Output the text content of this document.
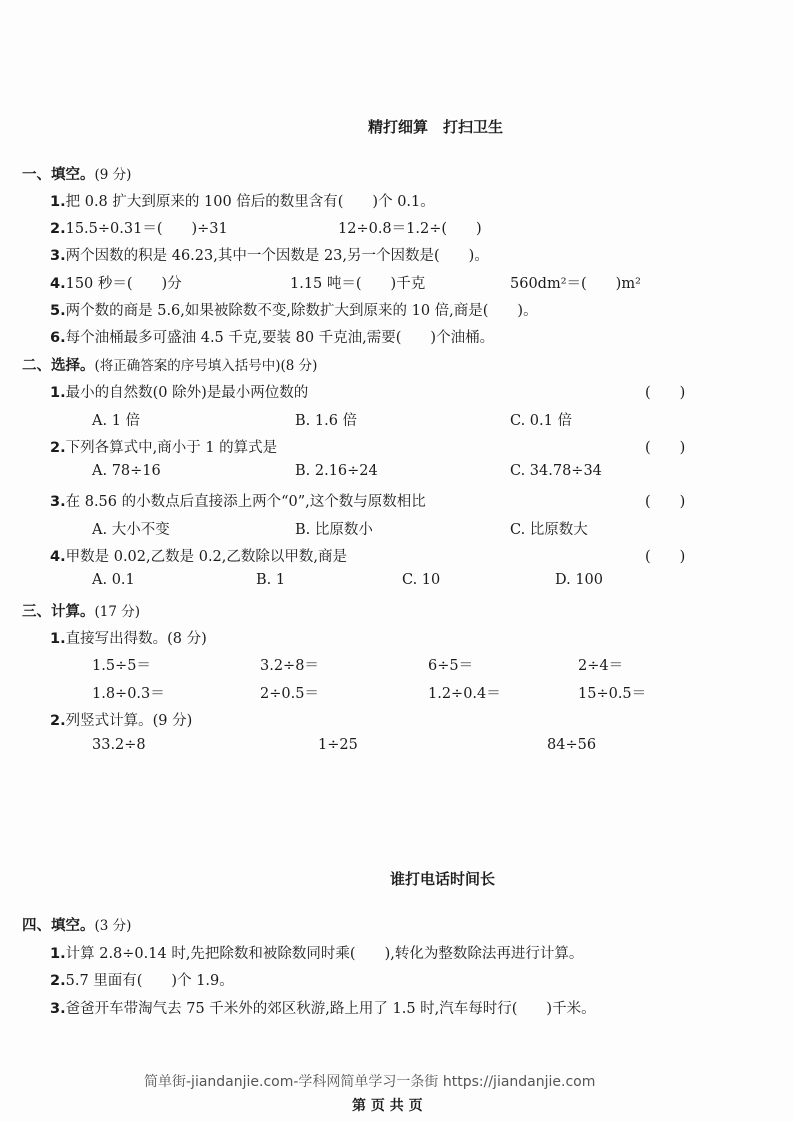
精打细算　打扫卫生
一、填空。(9 分)
1.把 0.8 扩大到原来的 100 倍后的数里含有(　　)个 0.1。
2.15.5÷0.31＝(　　)÷31	12÷0.8＝1.2÷(　　)
3.两个因数的积是 46.23,其中一个因数是 23,另一个因数是(　　)。
4.150 秒＝(　　)分	1.15 吨＝(　　)千克	560dm²＝(　　)m²
5.两个数的商是 5.6,如果被除数不变,除数扩大到原来的 10 倍,商是(　　)。
6.每个油桶最多可盛油 4.5 千克,要装 80 千克油,需要(　　)个油桶。
二、选择。(将正确答案的序号填入括号中)(8 分)
1.最小的自然数(0 除外)是最小两位数的	(　　)
A. 1 倍	B. 1.6 倍	C. 0.1 倍
2.下列各算式中,商小于 1 的算式是	(　　)
A. 78÷16	B. 2.16÷24	C. 34.78÷34
3.在 8.56 的小数点后直接添上两个“0”,这个数与原数相比	(　　)
A. 大小不变	B. 比原数小	C. 比原数大
4.甲数是 0.02,乙数是 0.2,乙数除以甲数,商是	(　　)
A. 0.1	B. 1	C. 10	D. 100
三、计算。(17 分)
1.直接写出得数。(8 分)
1.5÷5＝	3.2÷8＝	6÷5＝	2÷4＝
1.8÷0.3＝	2÷0.5＝	1.2÷0.4＝	15÷0.5＝
2.列竖式计算。(9 分)
33.2÷8	1÷25	84÷56
谁打电话时间长
四、填空。(3 分)
1.计算 2.8÷0.14 时,先把除数和被除数同时乘(　　),转化为整数除法再进行计算。
2.5.7 里面有(　　)个 1.9。
3.爸爸开车带淘气去 75 千米外的郊区秋游,路上用了 1.5 时,汽车每时行(　　)千米。
简单街-jiandanjie.com-学科网简单学习一条街 https://jiandanjie.com
第 页 共 页
